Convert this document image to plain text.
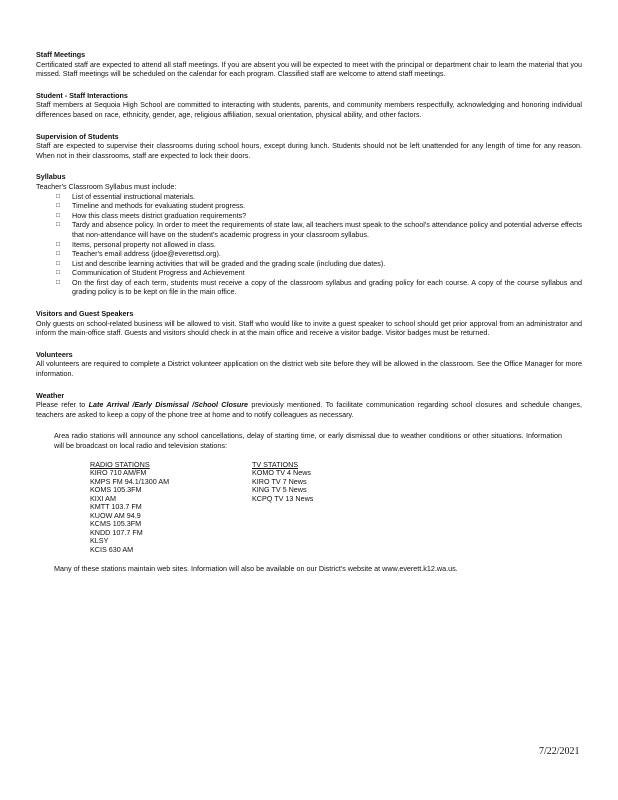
Staff Meetings

Certificated staff are expected to attend all staff meetings. If you are absent you will be expected to meet with the principal or department chair to learn the material that you missed. Staff meetings will be scheduled on the calendar for each program. Classified staff are welcome to attend staff meetings.

Student - Staff Interactions

Staff members at Sequoia High School are committed to interacting with students, parents, and community members respectfully, acknowledging and honoring individual differences based on race, ethnicity, gender, age, religious affiliation, sexual orientation, physical ability, and other factors.

Supervision of Students

Staff are expected to supervise their classrooms during school hours, except during lunch. Students should not be left unattended for any length of time for any reason. When not in their classrooms, staff are expected to lock their doors.

Syllabus
Teacher's Classroom Syllabus must include:
□ List of essential instructional materials.
□ Timeline and methods for evaluating student progress.
□ How this class meets district graduation requirements?
□ Tardy and absence policy. In order to meet the requirements of state law, all teachers must speak to the school's attendance policy and potential adverse effects that non-attendance will have on the student's academic progress in your classroom syllabus.
□ Items, personal property not allowed in class.
□ Teacher's email address (jdoe@everettsd.org).
□ List and describe learning activities that will be graded and the grading scale (including due dates).
□ Communication of Student Progress and Achievement
□ On the first day of each term, students must receive a copy of the classroom syllabus and grading policy for each course. A copy of the course syllabus and grading policy is to be kept on file in the main office.
Visitors and Guest Speakers

Only guests on school-related business will be allowed to visit. Staff who would like to invite a guest speaker to school should get prior approval from an administrator and inform the main-office staff. Guests and visitors should check in at the main office and receive a visitor badge. Visitor badges must be returned.

Volunteers

All volunteers are required to complete a District volunteer application on the district web site before they will be allowed in the classroom. See the Office Manager for more information.

Weather

Please refer to Late Arrival /Early Dismissal /School Closure previously mentioned. To facilitate communication regarding school closures and schedule changes, teachers are asked to keep a copy of the phone tree at home and to notify colleagues as necessary.

Area radio stations will announce any school cancellations, delay of starting time, or early dismissal due to weather conditions or other situations. Information will be broadcast on local radio and television stations:

RADIO STATIONS
KIRO 710 AM/FM
KMPS FM 94.1/1300 AM
KOMS 105.3FM
KIXI AM
KMTT 103.7 FM
KUOW AM 94.9
KCMS 105.3FM
KNDD 107.7 FM
KLSY
KCIS 630 AM
TV STATIONS
KOMO TV 4 News
KIRO TV 7 News
KING TV 5 News
KCPQ TV 13 News

Many of these stations maintain web sites. Information will also be available on our District's website at www.everett.k12.wa.us.

7/22/2021
